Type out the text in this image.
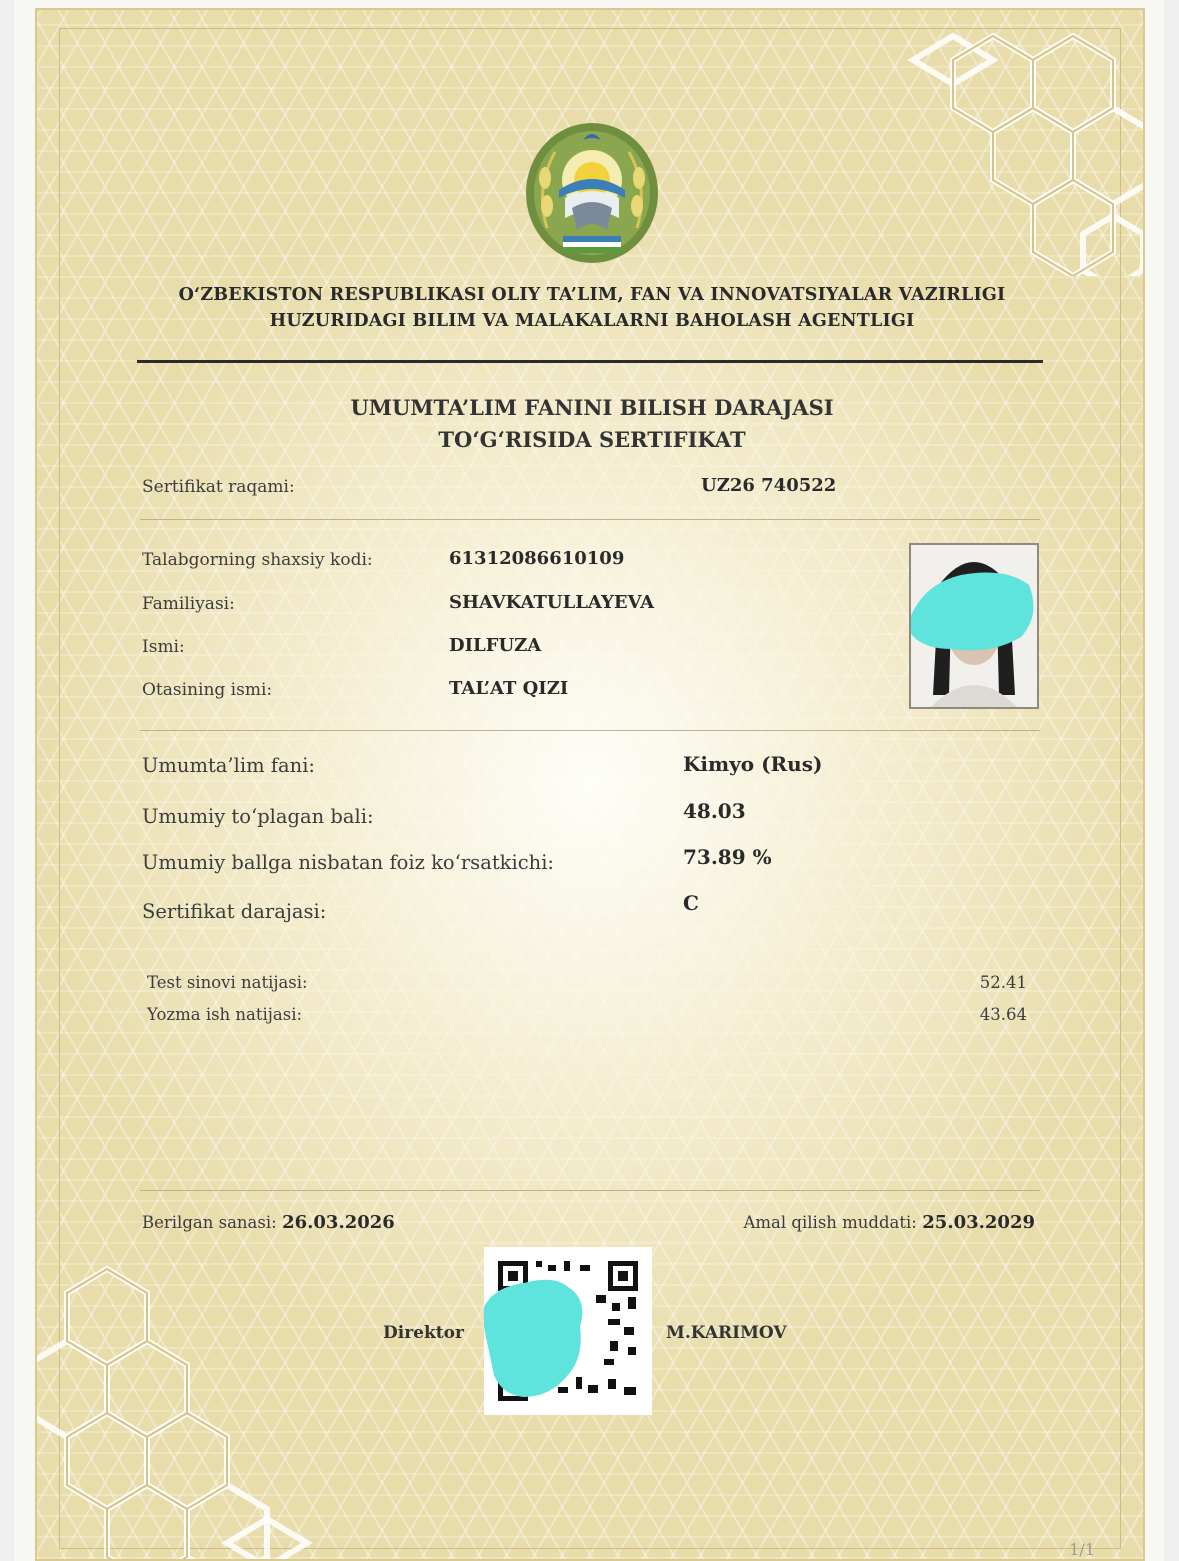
O‘ZBEKISTON RESPUBLIKASI OLIY TA’LIM, FAN VA INNOVATSIYALAR VAZIRLIGI
HUZURIDAGI BILIM VA MALAKALARNI BAHOLASH AGENTLIGI
UMUMTA’LIM FANINI BILISH DARAJASI
TO‘G‘RISIDA SERTIFIKAT
Sertifikat raqami:	UZ26 740522
Talabgorning shaxsiy kodi:	61312086610109
Familiyasi:	SHAVKATULLAYEVA
Ismi:	DILFUZA
Otasining ismi:	TAL’AT QIZI
Umumta’lim fani:	Kimyo (Rus)
Umumiy to‘plagan bali:	48.03
Umumiy ballga nisbatan foiz ko‘rsatkichi:	73.89 %
Sertifikat darajasi:	C
Test sinovi natijasi:	52.41
Yozma ish natijasi:	43.64
Berilgan sanasi: 26.03.2026	Amal qilish muddati: 25.03.2029
Direktor	M.KARIMOV
1/1
